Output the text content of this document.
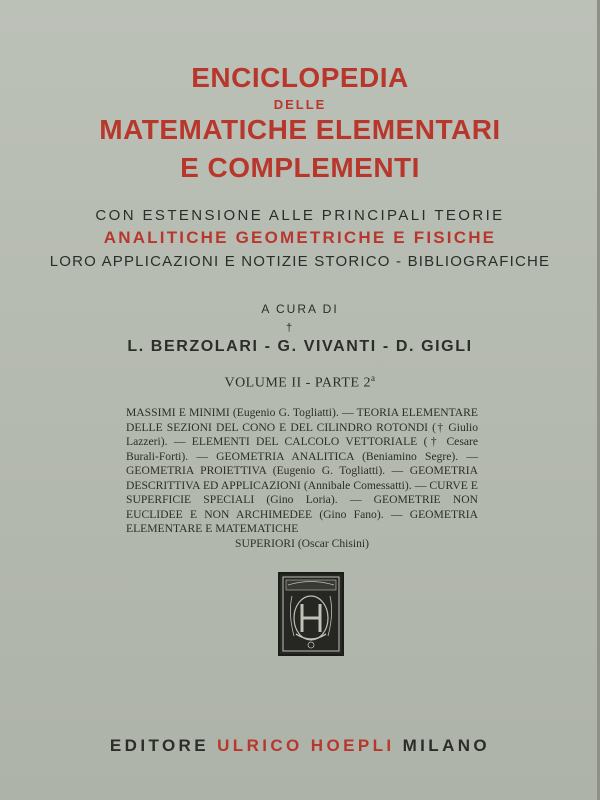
ENCICLOPEDIA
DELLE
MATEMATICHE ELEMENTARI
E COMPLEMENTI
CON ESTENSIONE ALLE PRINCIPALI TEORIE
ANALITICHE GEOMETRICHE E FISICHE
LORO APPLICAZIONI E NOTIZIE STORICO - BIBLIOGRAFICHE
A CURA DI
†
L. BERZOLARI - G. VIVANTI - D. GIGLI
VOLUME II - PARTE 2$^a$
MASSIMI E MINIMI (Eugenio G. Togliatti). — TEORIA ELEMENTARE DELLE SEZIONI DEL CONO E DEL CILINDRO ROTONDI († Giulio Lazzeri). — ELEMENTI DEL CALCOLO VETTORIALE († Cesare Burali-Forti). — GEOMETRIA ANALITICA (Beniamino Segre). — GEOMETRIA PROIETTIVA (Eugenio G. Togliatti). — GEOMETRIA DESCRITTIVA ED APPLICAZIONI (Annibale Comessatti). — CURVE E SUPERFICIE SPECIALI (Gino Loria). — GEOMETRIE NON EUCLIDEE E NON ARCHIMEDEE (Gino Fano). — GEOMETRIA ELEMENTARE E MATEMATICHE
SUPERIORI (Oscar Chisini)
EDITORE ULRICO HOEPLI MILANO
